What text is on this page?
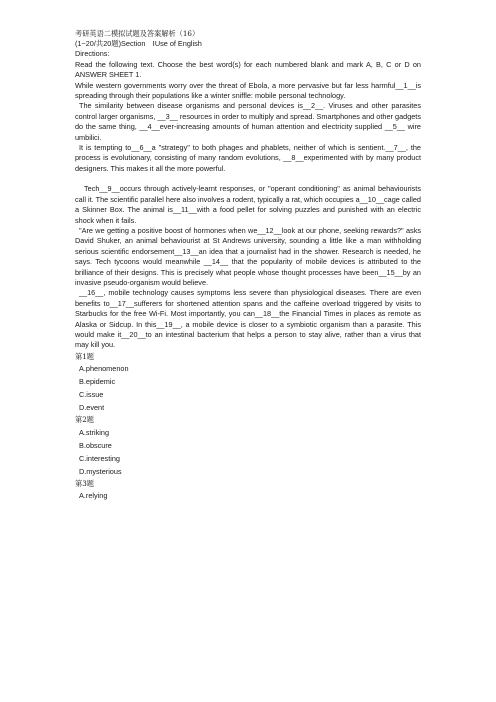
考研英语二模拟试题及答案解析（16）

(1~20/共20题)Section　ⅠUse of English

Directions:

Read the following text. Choose the best word(s) for each numbered blank and mark A, B, C or D on ANSWER SHEET 1.

While western governments worry over the threat of Ebola, a more pervasive but far less harmful__1__is spreading through their populations like a winter sniffle: mobile personal technology.

The similarity between disease organisms and personal devices is__2__. Viruses and other parasites control larger organisms, __3__ resources in order to multiply and spread. Smartphones and other gadgets do the same thing, __4__ever-increasing amounts of human attention and electricity supplied __5__ wire umbilici.

It is tempting to__6__a "strategy" to both phages and phablets, neither of which is sentient.__7__, the process is evolutionary, consisting of many random evolutions, __8__experimented with by many product designers. This makes it all the more powerful.

Tech__9__occurs through actively-learnt responses, or "operant conditioning" as animal behaviourists call it. The scientific parallel here also involves a rodent, typically a rat, which occupies a__10__cage called a Skinner Box. The animal is__11__with a food pellet for solving puzzles and punished with an electric shock when it fails.

"Are we getting a positive boost of hormones when we__12__look at our phone, seeking rewards?" asks David Shuker, an animal behaviourist at St Andrews university, sounding a little like a man withholding serious scientific endorsement__13__an idea that a journalist had in the shower. Research is needed, he says. Tech tycoons would meanwhile __14__ that the popularity of mobile devices is attributed to the brilliance of their designs. This is precisely what people whose thought processes have been__15__by an invasive pseudo-organism would believe.

__16__, mobile technology causes symptoms less severe than physiological diseases. There are even benefits to__17__sufferers for shortened attention spans and the caffeine overload triggered by visits to Starbucks for the free Wi-Fi. Most importantly, you can__18__the Financial Times in places as remote as Alaska or Sidcup. In this__19__, a mobile device is closer to a symbiotic organism than a parasite. This would make it__20__to an intestinal bacterium that helps a person to stay alive, rather than a virus that may kill you.

第1题

A.phenomenon

B.epidemic

C.issue

D.event

第2题

A.striking

B.obscure

C.interesting

D.mysterious

第3题

A.relying
